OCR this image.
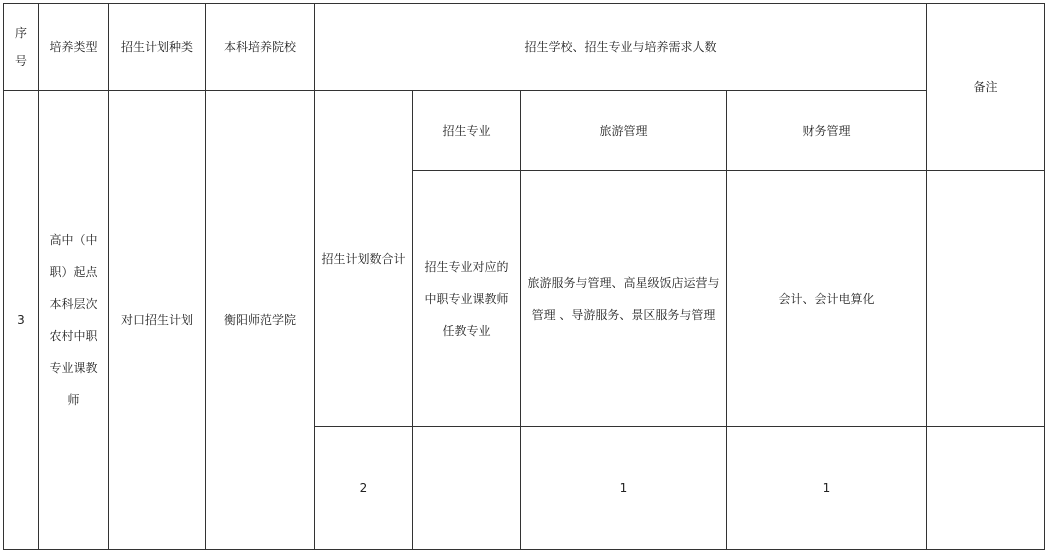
序号	培养类型	招生计划种类	本科培养院校	招生学校、招生专业与培养需求人数				备注
3	高中（中职）起点本科层次农村中职专业课教师	对口招生计划	衡阳师范学院	招生计划数合计	招生专业	旅游管理	财务管理	
					招生专业对应的中职专业课教师任教专业	旅游服务与管理、高星级饭店运营与管理 、导游服务、景区服务与管理	会计、会计电算化	
				2		1	1	
